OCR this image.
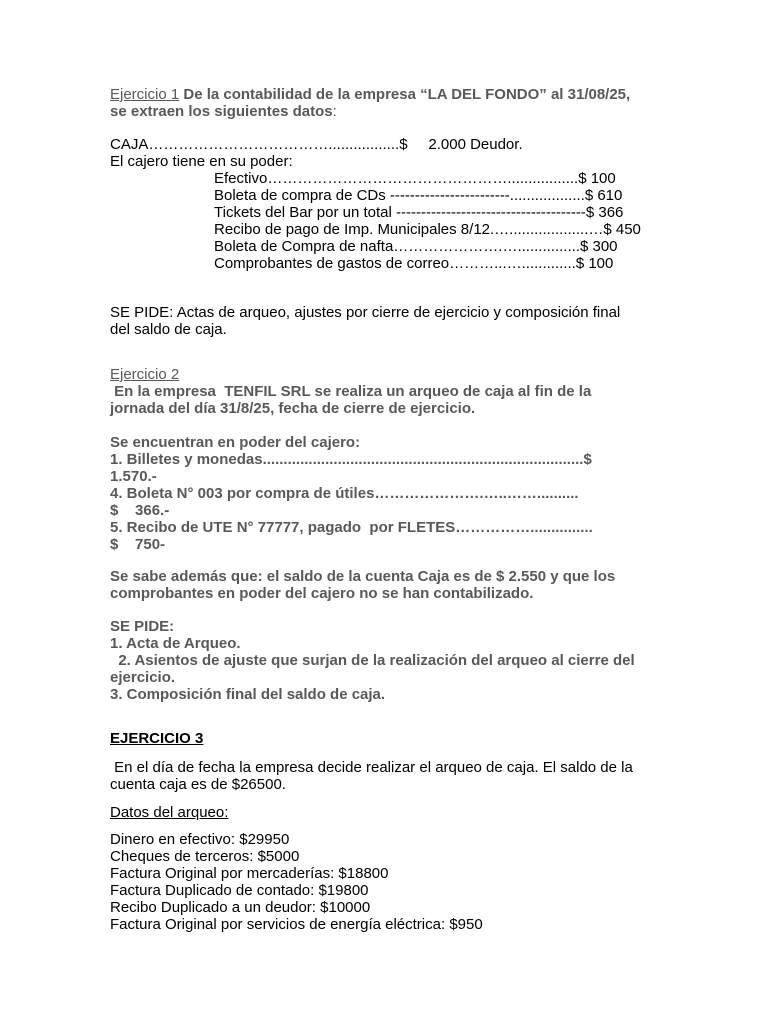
Ejercicio 1 De la contabilidad de la empresa “LA DEL FONDO” al 31/08/25,
se extraen los siguientes datos:
CAJA……………………………….................$     2.000 Deudor.
El cajero tiene en su poder:
Efectivo………………………………………….................$ 100
Boleta de compra de CDs ------------------------..................$ 610
Tickets del Bar por un total --------------------------------------$ 366
Recibo de pago de Imp. Municipales 8/12.…...................…$ 450
Boleta de Compra de nafta………………….…...............$ 300
Comprobantes de gastos de correo………...….............$ 100
SE PIDE: Actas de arqueo, ajustes por cierre de ejercicio y composición final
del saldo de caja.
Ejercicio 2
En la empresa  TENFIL SRL se realiza un arqueo de caja al fin de la
jornada del día 31/8/25, fecha de cierre de ejercicio.
Se encuentran en poder del cajero:
1. Billetes y monedas.............................................................................$
1.570.-
4. Boleta N° 003 por compra de útiles………………….…..……..........
$    366.-
5. Recibo de UTE N° 77777, pagado  por FLETES……………...............
$    750-
Se sabe además que: el saldo de la cuenta Caja es de $ 2.550 y que los
comprobantes en poder del cajero no se han contabilizado.
SE PIDE:
1. Acta de Arqueo.
2. Asientos de ajuste que surjan de la realización del arqueo al cierre del
ejercicio.
3. Composición final del saldo de caja.
EJERCICIO 3
En el día de fecha la empresa decide realizar el arqueo de caja. El saldo de la
cuenta caja es de $26500.
Datos del arqueo:
Dinero en efectivo: $29950
Cheques de terceros: $5000
Factura Original por mercaderías: $18800
Factura Duplicado de contado: $19800
Recibo Duplicado a un deudor: $10000
Factura Original por servicios de energía eléctrica: $950
